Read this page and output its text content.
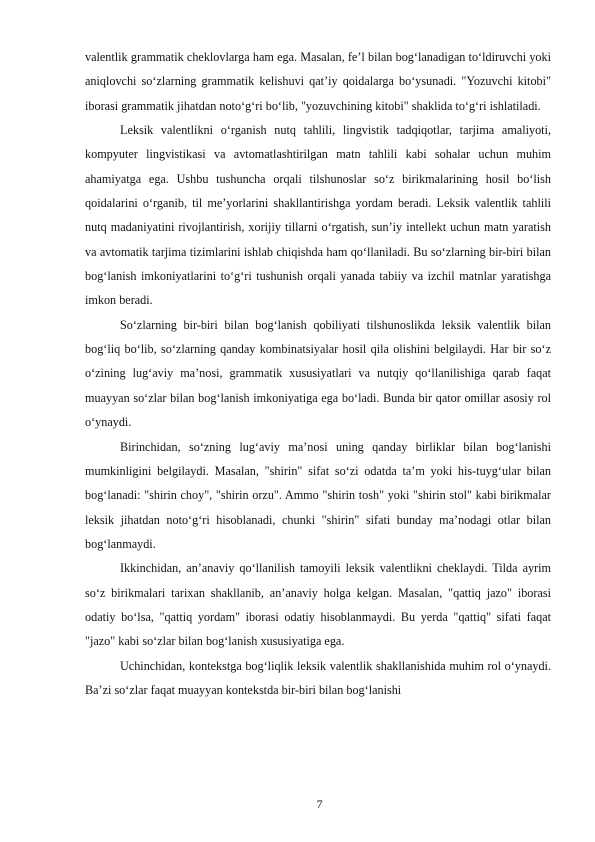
valentlik grammatik cheklovlarga ham ega. Masalan, fe’l bilan bog‘lanadigan to‘ldiruvchi yoki aniqlovchi so‘zlarning grammatik kelishuvi qat’iy qoidalarga bo‘ysunadi. "Yozuvchi kitobi" iborasi grammatik jihatdan noto‘g‘ri bo‘lib, "yozuvchining kitobi" shaklida to‘g‘ri ishlatiladi.

Leksik valentlikni o‘rganish nutq tahlili, lingvistik tadqiqotlar, tarjima amaliyoti, kompyuter lingvistikasi va avtomatlashtirilgan matn tahlili kabi sohalar uchun muhim ahamiyatga ega. Ushbu tushuncha orqali tilshunoslar so‘z birikmalarining hosil bo‘lish qoidalarini o‘rganib, til me’yorlarini shakllantirishga yordam beradi. Leksik valentlik tahlili nutq madaniyatini rivojlantirish, xorijiy tillarni o‘rgatish, sun’iy intellekt uchun matn yaratish va avtomatik tarjima tizimlarini ishlab chiqishda ham qo‘llaniladi. Bu so‘zlarning bir-biri bilan bog‘lanish imkoniyatlarini to‘g‘ri tushunish orqali yanada tabiiy va izchil matnlar yaratishga imkon beradi.

So‘zlarning bir-biri bilan bog‘lanish qobiliyati tilshunoslikda leksik valentlik bilan bog‘liq bo‘lib, so‘zlarning qanday kombinatsiyalar hosil qila olishini belgilaydi. Har bir so‘z o‘zining lug‘aviy ma’nosi, grammatik xususiyatlari va nutqiy qo‘llanilishiga qarab faqat muayyan so‘zlar bilan bog‘lanish imkoniyatiga ega bo‘ladi. Bunda bir qator omillar asosiy rol o‘ynaydi.

Birinchidan, so‘zning lug‘aviy ma’nosi uning qanday birliklar bilan bog‘lanishi mumkinligini belgilaydi. Masalan, "shirin" sifat so‘zi odatda ta’m yoki his-tuyg‘ular bilan bog‘lanadi: "shirin choy", "shirin orzu". Ammo "shirin tosh" yoki "shirin stol" kabi birikmalar leksik jihatdan noto‘g‘ri hisoblanadi, chunki "shirin" sifati bunday ma’nodagi otlar bilan bog‘lanmaydi.

Ikkinchidan, an’anaviy qo‘llanilish tamoyili leksik valentlikni cheklaydi. Tilda ayrim so‘z birikmalari tarixan shakllanib, an’anaviy holga kelgan. Masalan, "qattiq jazo" iborasi odatiy bo‘lsa, "qattiq yordam" iborasi odatiy hisoblanmaydi. Bu yerda "qattiq" sifati faqat "jazo" kabi so‘zlar bilan bog‘lanish xususiyatiga ega.

Uchinchidan, kontekstga bog‘liqlik leksik valentlik shakllanishida muhim rol o‘ynaydi. Ba’zi so‘zlar faqat muayyan kontekstda bir-biri bilan bog‘lanishi

7
